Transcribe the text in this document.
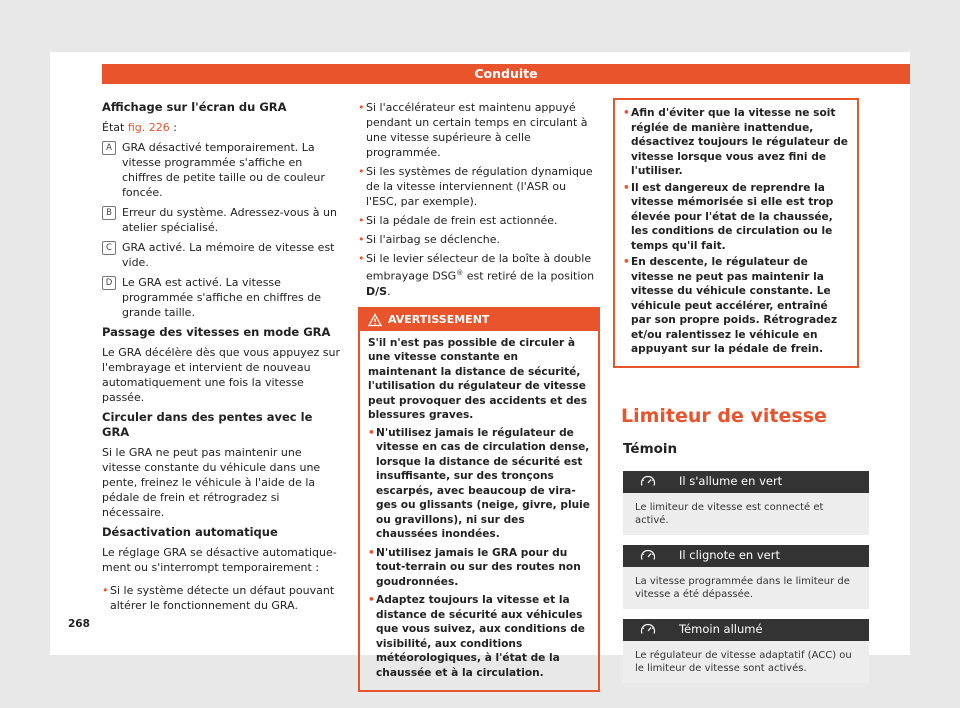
Conduite
Affichage sur l'écran du GRA

État fig. 226 :

A GRA désactivé temporairement. La vitesse programmée s'affiche en chiffres de petite taille ou de couleur foncée.
B Erreur du système. Adressez-vous à un atelier spécialisé.
C GRA activé. La mémoire de vitesse est vide.
D Le GRA est activé. La vitesse programmée s'affiche en chiffres de grande taille.
Passage des vitesses en mode GRA

Le GRA décélère dès que vous appuyez sur l'embrayage et intervient de nouveau automatiquement une fois la vitesse passée.

Circuler dans des pentes avec le GRA

Si le GRA ne peut pas maintenir une vitesse constante du véhicule dans une pente, freinez le véhicule à l'aide de la pédale de frein et rétrogradez si nécessaire.

Désactivation automatique

Le réglage GRA se désactive automatiquement ou s'interrompt temporairement :

• Si le système détecte un défaut pouvant altérer le fonctionnement du GRA.
• Si l'accélérateur est maintenu appuyé pendant un certain temps en circulant à une vitesse supérieure à celle programmée.
• Si les systèmes de régulation dynamique de la vitesse interviennent (l'ASR ou l'ESC, par exemple).
• Si la pédale de frein est actionnée.
• Si l'airbag se déclenche.
• Si le levier sélecteur de la boîte à double embrayage DSG® est retiré de la position D/S.
AVERTISSEMENT

S'il n'est pas possible de circuler à une vitesse constante en maintenant la distance de sécurité, l'utilisation du régulateur de vitesse peut provoquer des accidents et des blessures graves.

• N'utilisez jamais le régulateur de vitesse en cas de circulation dense, lorsque la distance de sécurité est insuffisante, sur des tronçons escarpés, avec beaucoup de virages ou glissants (neige, givre, pluie ou gravillons), ni sur des chaussées inondées.
• N'utilisez jamais le GRA pour du tout-terrain ou sur des routes non goudronnées.
• Adaptez toujours la vitesse et la distance de sécurité aux véhicules que vous suivez, aux conditions de visibilité, aux conditions météorologiques, à l'état de la chaussée et à la circulation.
• Afin d'éviter que la vitesse ne soit réglée de manière inattendue, désactivez toujours le régulateur de vitesse lorsque vous avez fini de l'utiliser.
• Il est dangereux de reprendre la vitesse mémorisée si elle est trop élevée pour l'état de la chaussée, les conditions de circulation ou le temps qu'il fait.
• En descente, le régulateur de vitesse ne peut pas maintenir la vitesse du véhicule constante. Le véhicule peut accélérer, entraîné par son propre poids. Rétrogradez et/ou ralentissez le véhicule en appuyant sur la pédale de frein.
Limiteur de vitesse
Témoin
Il s'allume en vert
Le limiteur de vitesse est connecté et activé.
Il clignote en vert
La vitesse programmée dans le limiteur de vitesse a été dépassée.
Témoin allumé
Le régulateur de vitesse adaptatif (ACC) ou le limiteur de vitesse sont activés.
268
